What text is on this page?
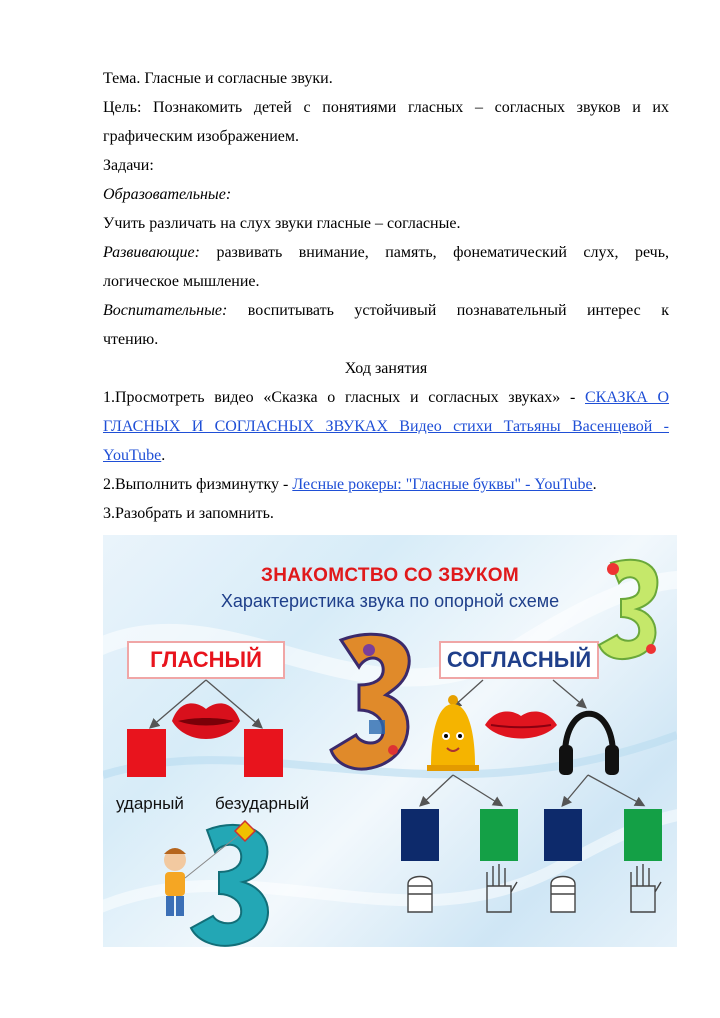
Тема. Гласные и согласные звуки.
Цель: Познакомить детей с понятиями гласных – согласных звуков и их
графическим изображением.
Задачи:
Образовательные:
Учить различать на слух звуки гласные – согласные.
Развивающие: развивать внимание, память, фонематический слух, речь,
логическое мышление.
Воспитательные: воспитывать устойчивый познавательный интерес к
чтению.
Ход занятия
1.Просмотреть видео «Сказка о гласных и согласных звуках» - СКАЗКА О
ГЛАСНЫХ И СОГЛАСНЫХ ЗВУКАХ Видео стихи Татьяны Васенцевой -
YouTube.
2.Выполнить физминутку - Лесные рокеры: "Гласные буквы" - YouTube.
3.Разобрать и запомнить.
ЗНАКОМСТВО СО ЗВУКОМ
Характеристика звука по опорной схеме
ГЛАСНЫЙ	СОГЛАСНЫЙ
ударный безударный
